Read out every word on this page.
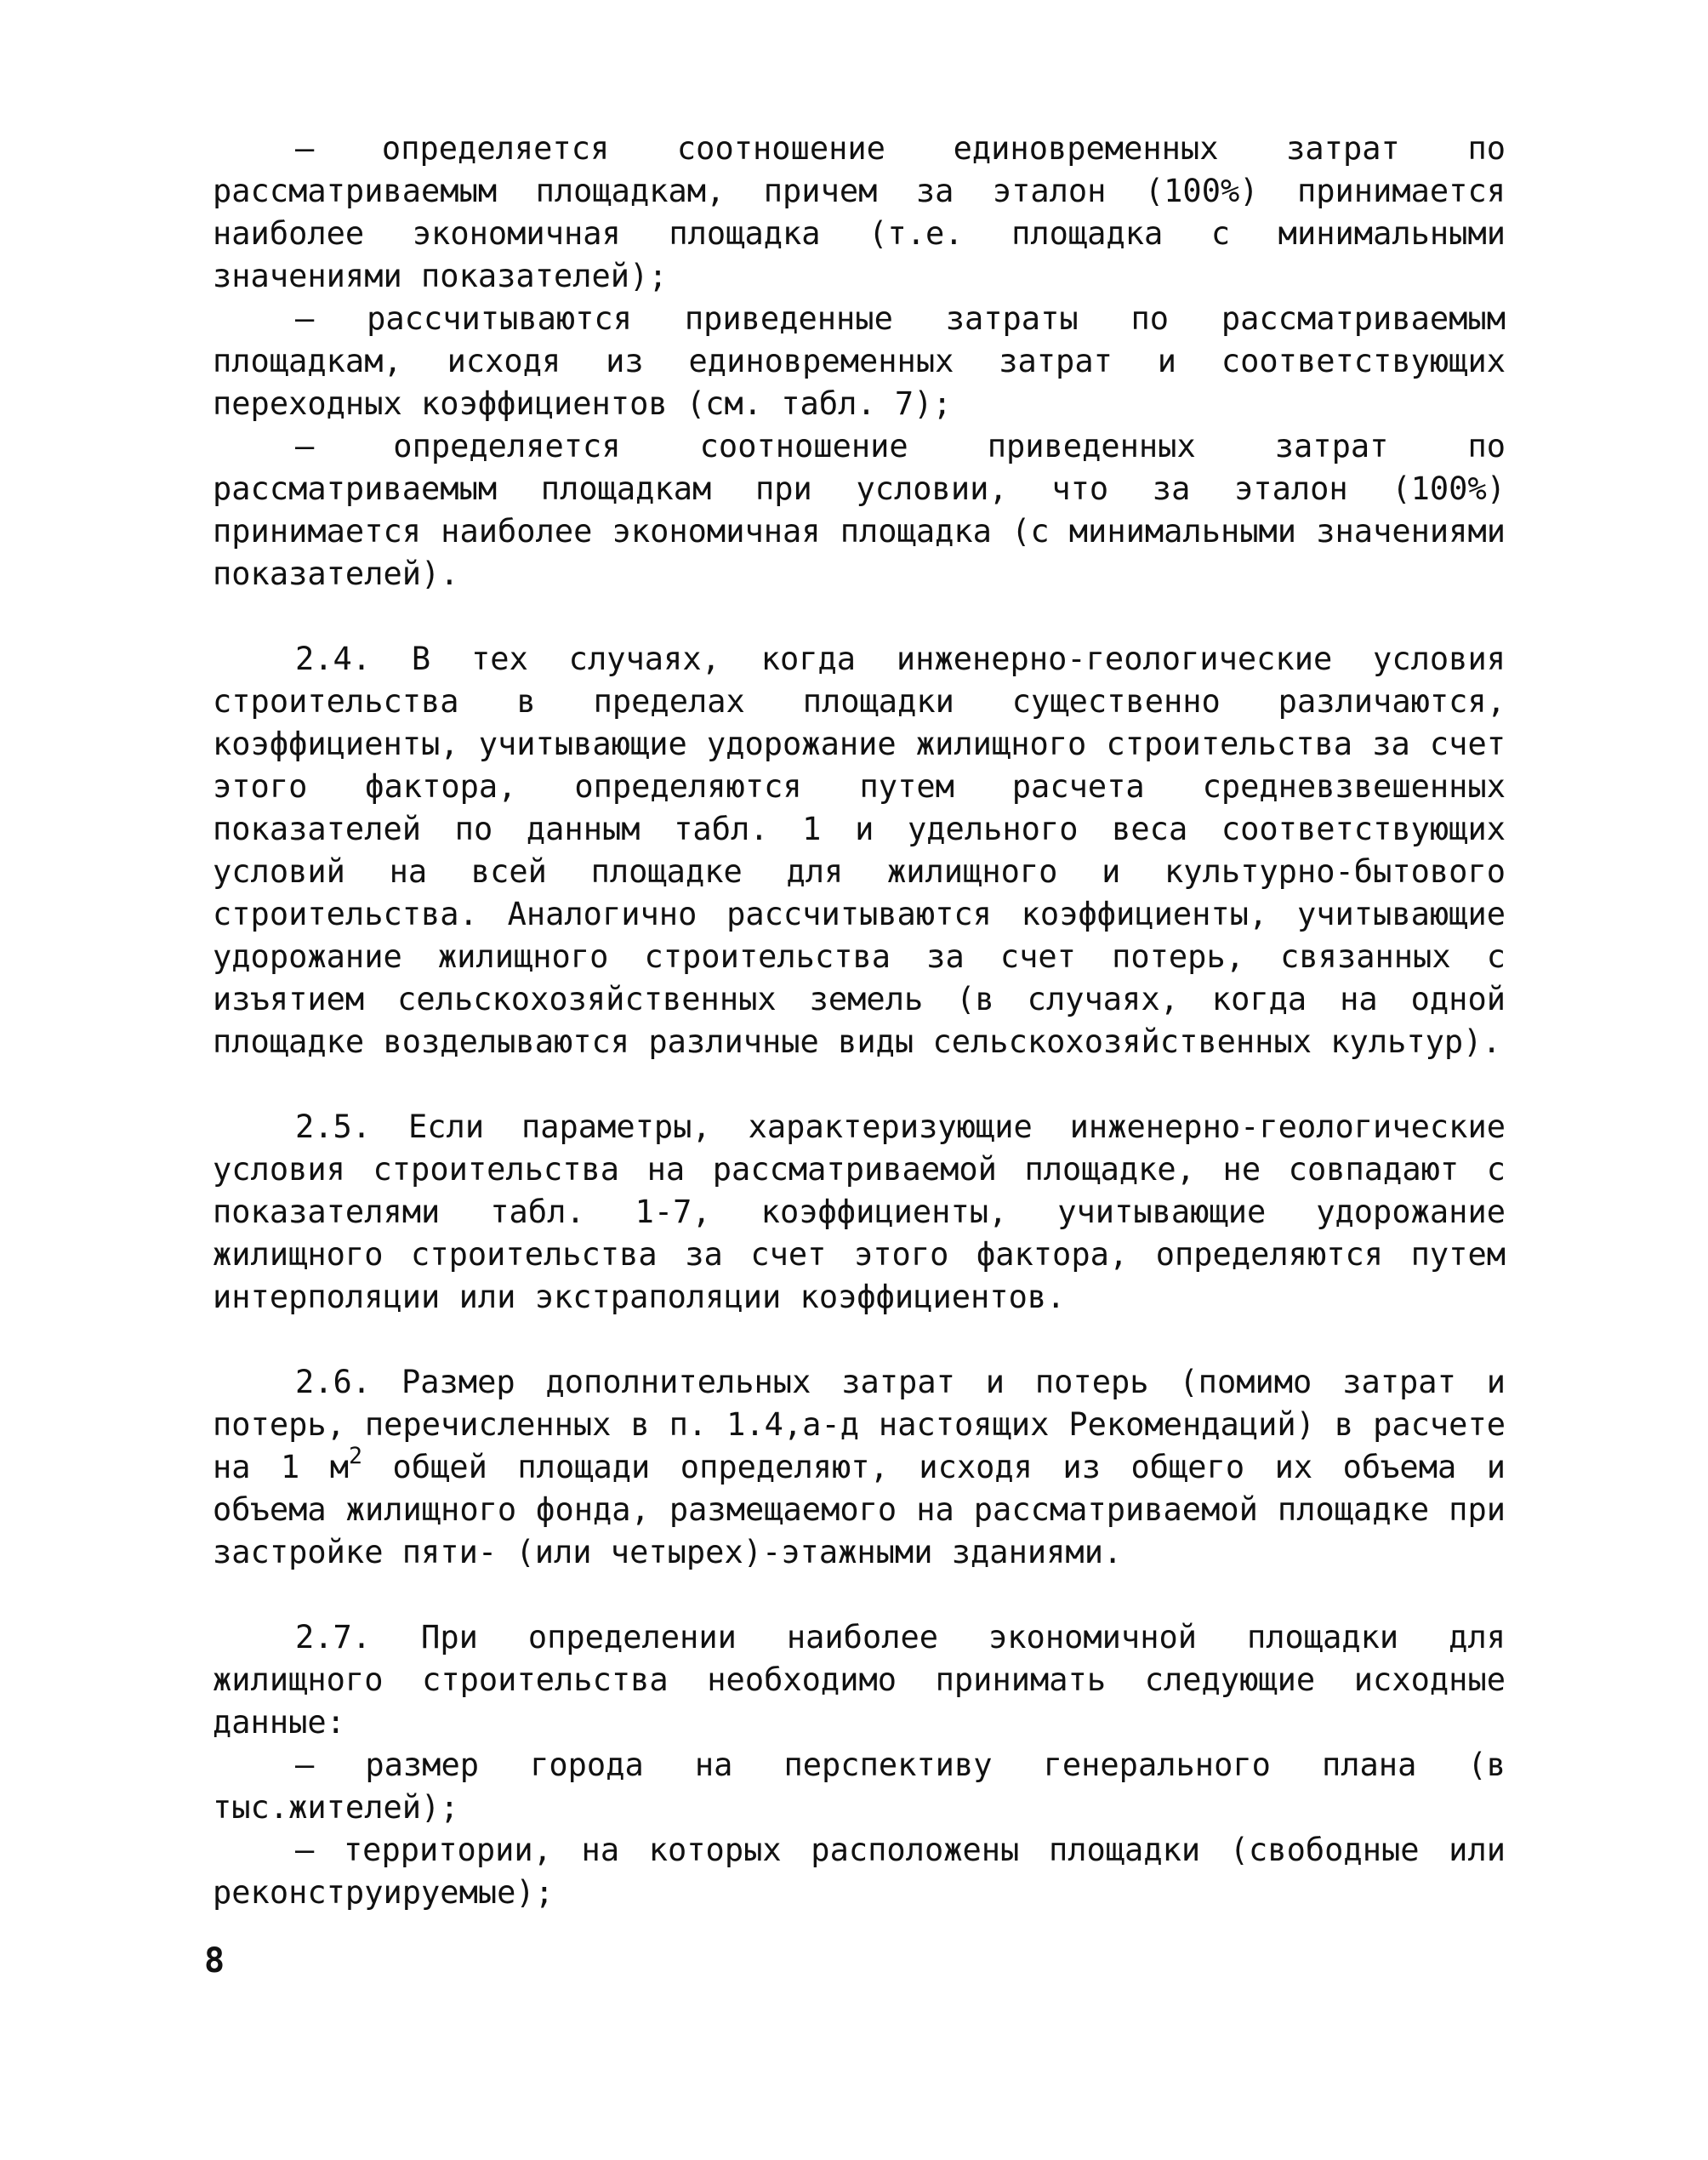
– определяется соотношение единовременных затрат по рассматриваемым площадкам, причем за эталон (100%) принимается наиболее экономичная площадка (т.е. площадка с минимальными значениями показателей);

– рассчитываются приведенные затраты по рассматриваемым площадкам, исходя из единовременных затрат и соответствующих переходных коэффициентов (см. табл. 7);

– определяется соотношение приведенных затрат по рассматриваемым площадкам при условии, что за эталон (100%) принимается наиболее экономичная площадка (с минимальными значениями показателей).

2.4. В тех случаях, когда инженерно-геологические условия строительства в пределах площадки существенно различаются, коэффициенты, учитывающие удорожание жилищного строительства за счет этого фактора, определяются путем расчета средневзвешенных показателей по данным табл. 1 и удельного веса соответствующих условий на всей площадке для жилищного и культурно-бытового строительства. Аналогично рассчитываются коэффициенты, учитывающие удорожание жилищного строительства за счет потерь, связанных с изъятием сельскохозяйственных земель (в случаях, когда на одной площадке возделываются различные виды сельскохозяйственных культур).

2.5. Если параметры, характеризующие инженерно-геологические условия строительства на рассматриваемой площадке, не совпадают с показателями табл. 1-7, коэффициенты, учитывающие удорожание жилищного строительства за счет этого фактора, определяются путем интерполяции или экстраполяции коэффициентов.

2.6. Размер дополнительных затрат и потерь (помимо затрат и потерь, перечисленных в п. 1.4,а-д настоящих Рекомендаций) в расчете на 1 $м^2$ общей площади определяют, исходя из общего их объема и объема жилищного фонда, размещаемого на рассматриваемой площадке при застройке пяти- (или четырех)-этажными зданиями.

2.7. При определении наиболее экономичной площадки для жилищного строительства необходимо принимать следующие исходные данные:

– размер города на перспективу генерального плана (в тыс.жителей);

– территории, на которых расположены площадки (свободные или реконструируемые);

8
